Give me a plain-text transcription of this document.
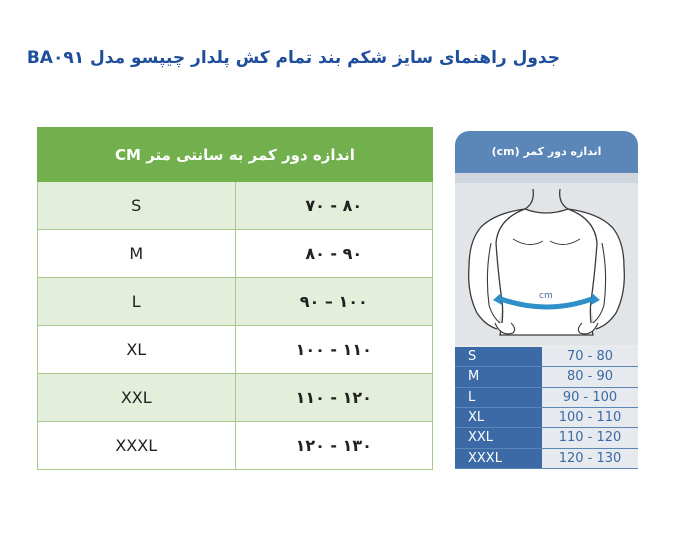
جدول راهنمای سایز شکم بند تمام کش پلدار چیپسو مدل BA۰۹۱
اندازه دور کمر به سانتی متر CM	
S	۷۰ - ۸۰
M	۸۰ - ۹۰
L	۹۰ – ۱۰۰
XL	۱۰۰ - ۱۱۰
XXL	۱۱۰ - ۱۲۰
XXXL	۱۲۰ - ۱۳۰
اندازه دور کمر (cm)
cm
S	70 - 80
M	80 - 90
L	90 - 100
XL	100 - 110
XXL	110 - 120
XXXL	120 - 130
